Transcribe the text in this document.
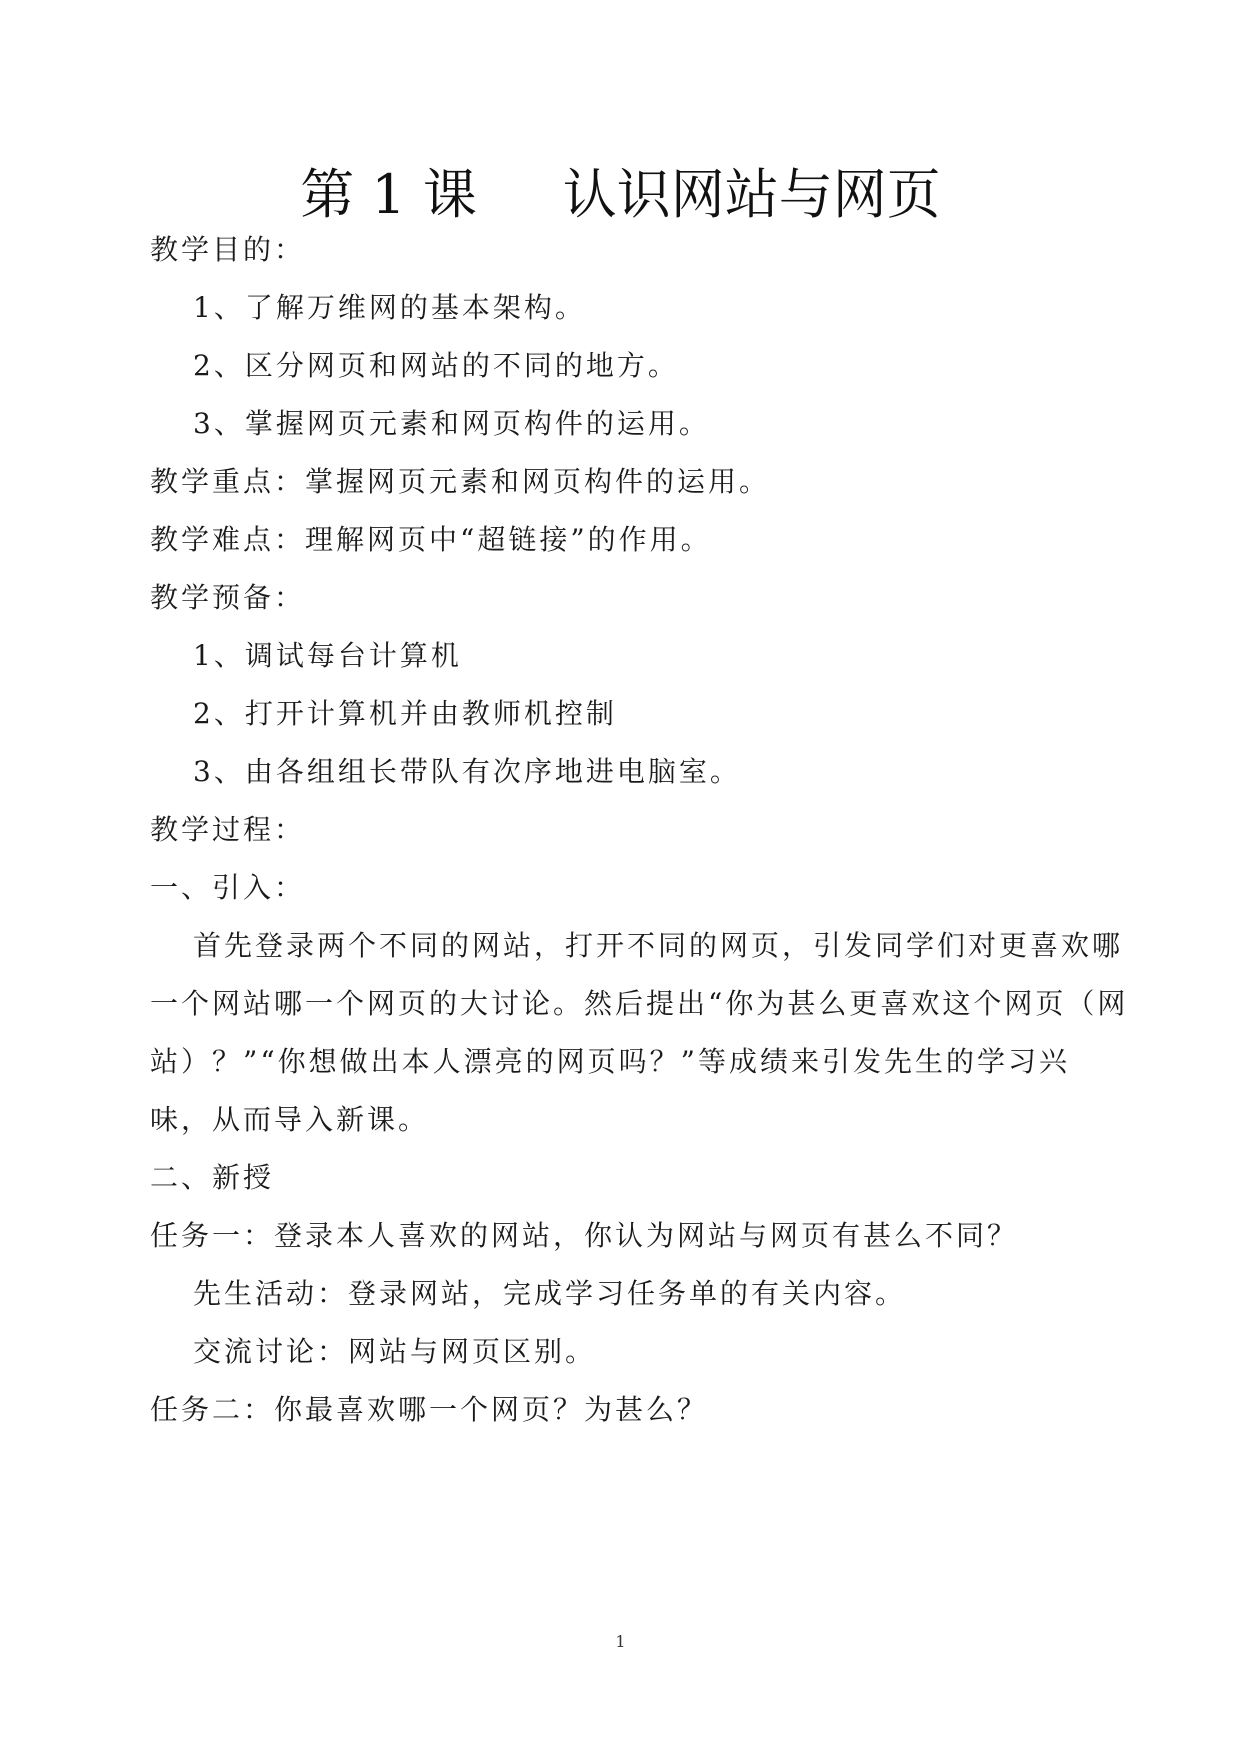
第 1 课     认识网站与网页
教学目的：
1、了解万维网的基本架构。
2、区分网页和网站的不同的地方。
3、掌握网页元素和网页构件的运用。
教学重点：掌握网页元素和网页构件的运用。
教学难点：理解网页中“超链接”的作用。
教学预备：
1、调试每台计算机
2、打开计算机并由教师机控制
3、由各组组长带队有次序地进电脑室。
教学过程：
一、引入：
首先登录两个不同的网站，打开不同的网页，引发同学们对更喜欢哪
一个网站哪一个网页的大讨论。然后提出“你为甚么更喜欢这个网页（网
站）？”“你想做出本人漂亮的网页吗？”等成绩来引发先生的学习兴
味，从而导入新课。
二、新授
任务一：登录本人喜欢的网站，你认为网站与网页有甚么不同？
先生活动：登录网站，完成学习任务单的有关内容。
交流讨论：网站与网页区别。
任务二：你最喜欢哪一个网页？为甚么？
1
